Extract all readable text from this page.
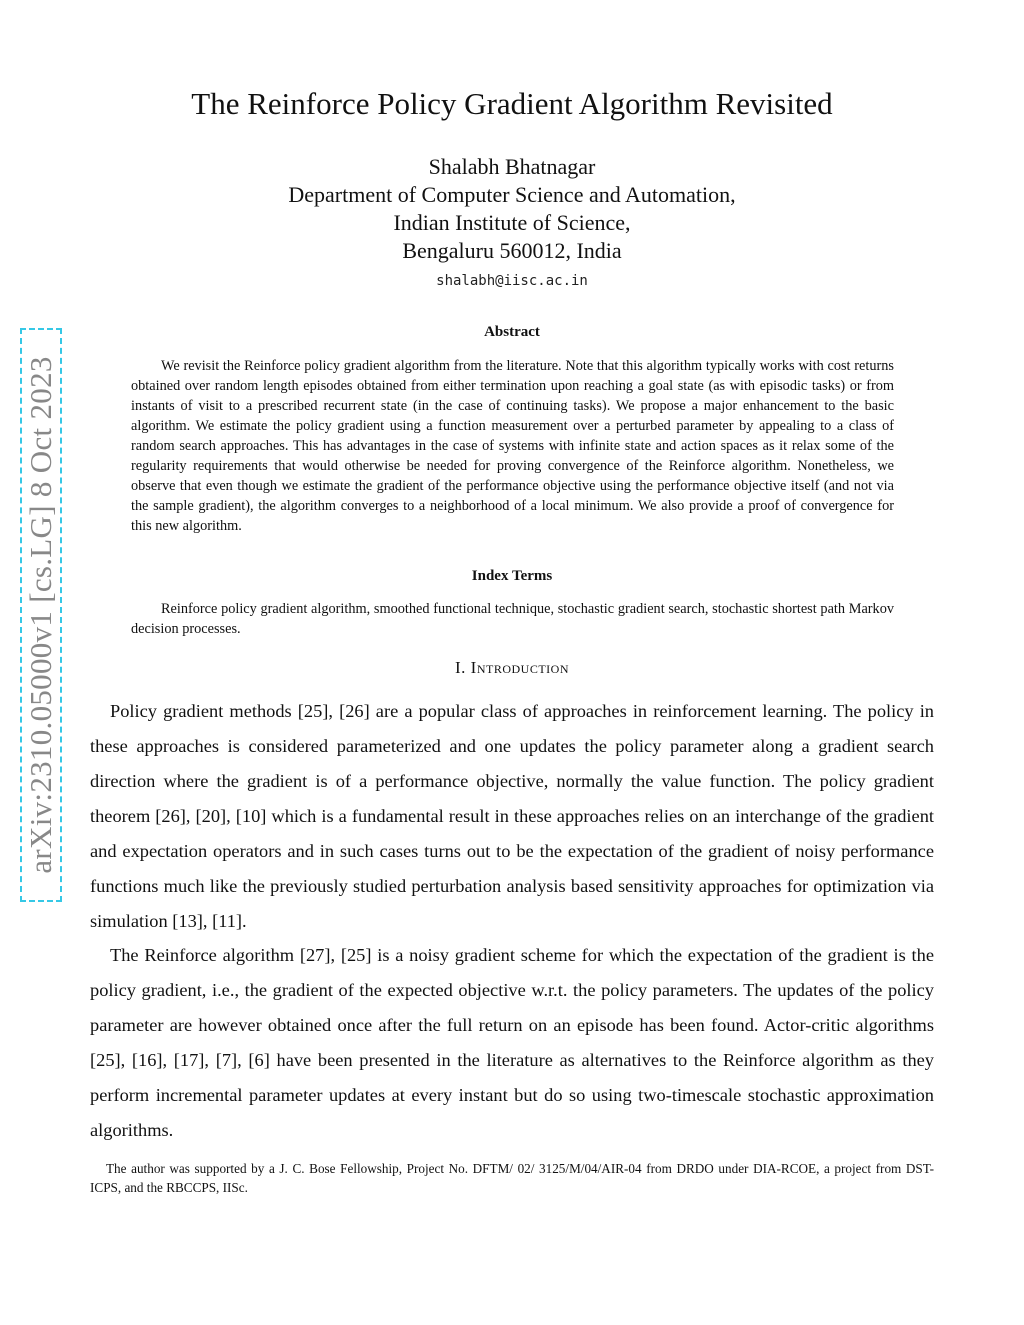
arXiv:2310.05000v1 [cs.LG] 8 Oct 2023
The Reinforce Policy Gradient Algorithm Revisited
Shalabh Bhatnagar
Department of Computer Science and Automation,
Indian Institute of Science,
Bengaluru 560012, India
shalabh@iisc.ac.in
Abstract

We revisit the Reinforce policy gradient algorithm from the literature. Note that this algorithm typically works with cost returns obtained over random length episodes obtained from either termination upon reaching a goal state (as with episodic tasks) or from instants of visit to a prescribed recurrent state (in the case of continuing tasks). We propose a major enhancement to the basic algorithm. We estimate the policy gradient using a function measurement over a perturbed parameter by appealing to a class of random search approaches. This has advantages in the case of systems with infinite state and action spaces as it relax some of the regularity requirements that would otherwise be needed for proving convergence of the Reinforce algorithm. Nonetheless, we observe that even though we estimate the gradient of the performance objective using the performance objective itself (and not via the sample gradient), the algorithm converges to a neighborhood of a local minimum. We also provide a proof of convergence for this new algorithm.

Index Terms

Reinforce policy gradient algorithm, smoothed functional technique, stochastic gradient search, stochastic shortest path Markov decision processes.

I. Introduction

Policy gradient methods [25], [26] are a popular class of approaches in reinforcement learning. The policy in these approaches is considered parameterized and one updates the policy parameter along a gradient search direction where the gradient is of a performance objective, normally the value function. The policy gradient theorem [26], [20], [10] which is a fundamental result in these approaches relies on an interchange of the gradient and expectation operators and in such cases turns out to be the expectation of the gradient of noisy performance functions much like the previously studied perturbation analysis based sensitivity approaches for optimization via simulation [13], [11].

The Reinforce algorithm [27], [25] is a noisy gradient scheme for which the expectation of the gradient is the policy gradient, i.e., the gradient of the expected objective w.r.t. the policy parameters. The updates of the policy parameter are however obtained once after the full return on an episode has been found. Actor-critic algorithms [25], [16], [17], [7], [6] have been presented in the literature as alternatives to the Reinforce algorithm as they perform incremental parameter updates at every instant but do so using two-timescale stochastic approximation algorithms.

The author was supported by a J. C. Bose Fellowship, Project No. DFTM/ 02/ 3125/M/04/AIR-04 from DRDO under DIA-RCOE, a project from DST-ICPS, and the RBCCPS, IISc.
